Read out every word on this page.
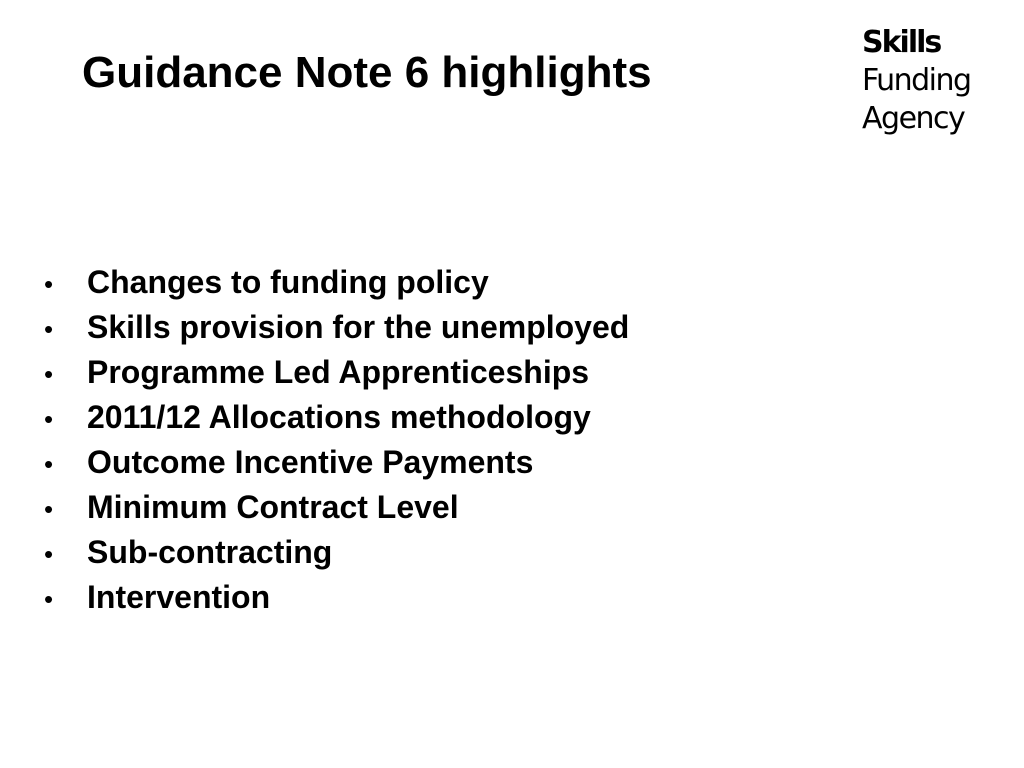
Guidance Note 6 highlights
Skills
Funding
Agency
•	Changes to funding policy
•	Skills provision for the unemployed
•	Programme Led Apprenticeships
•	2011/12 Allocations methodology
•	Outcome Incentive Payments
•	Minimum Contract Level
•	Sub-contracting
•	Intervention
